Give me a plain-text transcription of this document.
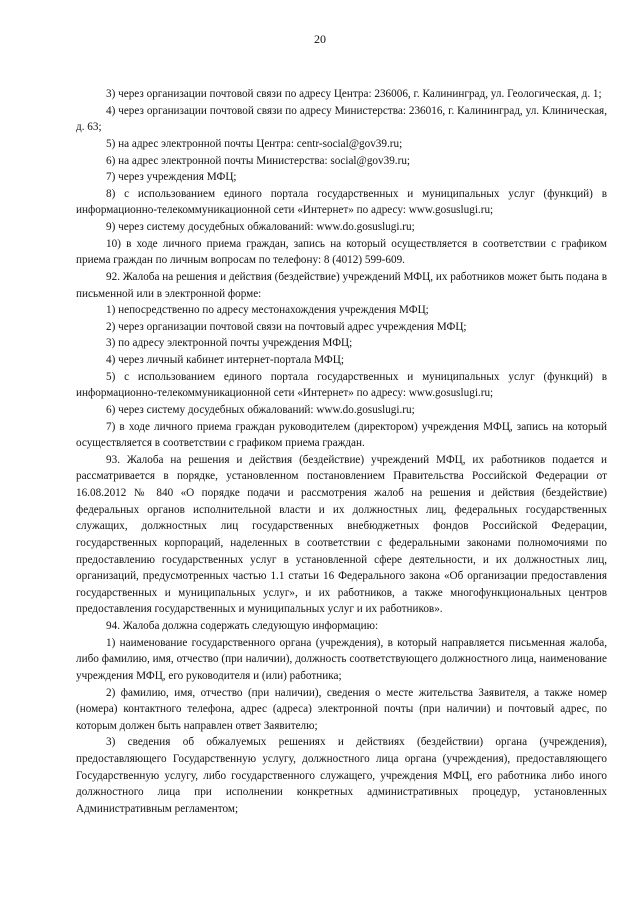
20

3) через организации почтовой связи по адресу Центра: 236006, г. Калининград, ул. Геологическая, д. 1;

4) через организации почтовой связи по адресу Министерства: 236016, г. Калининград, ул. Клиническая, д. 63;

5) на адрес электронной почты Центра: centr-social@gov39.ru;

6) на адрес электронной почты Министерства: social@gov39.ru;

7) через учреждения МФЦ;

8) с использованием единого портала государственных и муниципальных услуг (функций) в информационно-телекоммуникационной сети «Интернет» по адресу: www.gosuslugi.ru;

9) через систему досудебных обжалований: www.do.gosuslugi.ru;

10) в ходе личного приема граждан, запись на который осуществляется в соответствии с графиком приема граждан по личным вопросам по телефону: 8 (4012) 599-609.

92. Жалоба на решения и действия (бездействие) учреждений МФЦ, их работников может быть подана в письменной или в электронной форме:

1) непосредственно по адресу местонахождения учреждения МФЦ;

2) через организации почтовой связи на почтовый адрес учреждения МФЦ;

3) по адресу электронной почты учреждения МФЦ;

4) через личный кабинет интернет-портала МФЦ;

5) с использованием единого портала государственных и муниципальных услуг (функций) в информационно-телекоммуникационной сети «Интернет» по адресу: www.gosuslugi.ru;

6) через систему досудебных обжалований: www.do.gosuslugi.ru;

7) в ходе личного приема граждан руководителем (директором) учреждения МФЦ, запись на который осуществляется в соответствии с графиком приема граждан.

93. Жалоба на решения и действия (бездействие) учреждений МФЦ, их работников подается и рассматривается в порядке, установленном постановлением Правительства Российской Федерации от 16.08.2012 № 840 «О порядке подачи и рассмотрения жалоб на решения и действия (бездействие) федеральных органов исполнительной власти и их должностных лиц, федеральных государственных служащих, должностных лиц государственных внебюджетных фондов Российской Федерации, государственных корпораций, наделенных в соответствии с федеральными законами полномочиями по предоставлению государственных услуг в установленной сфере деятельности, и их должностных лиц, организаций, предусмотренных частью 1.1 статьи 16 Федерального закона «Об организации предоставления государственных и муниципальных услуг», и их работников, а также многофункциональных центров предоставления государственных и муниципальных услуг и их работников».

94. Жалоба должна содержать следующую информацию:

1) наименование государственного органа (учреждения), в который направляется письменная жалоба, либо фамилию, имя, отчество (при наличии), должность соответствующего должностного лица, наименование учреждения МФЦ, его руководителя и (или) работника;

2) фамилию, имя, отчество (при наличии), сведения о месте жительства Заявителя, а также номер (номера) контактного телефона, адрес (адреса) электронной почты (при наличии) и почтовый адрес, по которым должен быть направлен ответ Заявителю;

3) сведения об обжалуемых решениях и действиях (бездействии) органа (учреждения), предоставляющего Государственную услугу, должностного лица органа (учреждения), предоставляющего Государственную услугу, либо государственного служащего, учреждения МФЦ, его работника либо иного должностного лица при исполнении конкретных административных процедур, установленных Административным регламентом;
